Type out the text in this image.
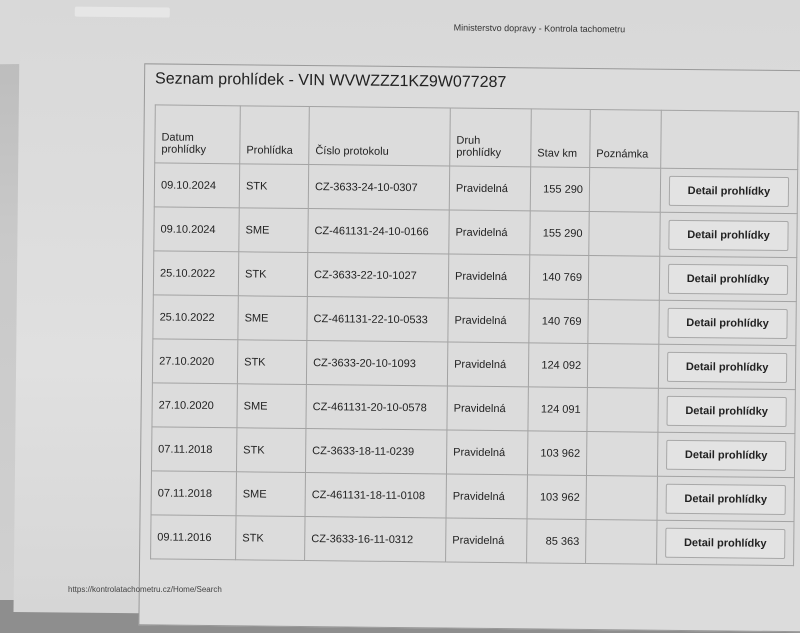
Ministerstvo dopravy - Kontrola tachometru
Seznam prohlídek - VIN WVWZZZ1KZ9W077287
Datum prohlídky	Prohlídka	Číslo protokolu	Druh prohlídky	Stav km	Poznámka	
09.10.2024	STK	CZ-3633-24-10-0307	Pravidelná	155 290		Detail prohlídky
09.10.2024	SME	CZ-461131-24-10-0166	Pravidelná	155 290		Detail prohlídky
25.10.2022	STK	CZ-3633-22-10-1027	Pravidelná	140 769		Detail prohlídky
25.10.2022	SME	CZ-461131-22-10-0533	Pravidelná	140 769		Detail prohlídky
27.10.2020	STK	CZ-3633-20-10-1093	Pravidelná	124 092		Detail prohlídky
27.10.2020	SME	CZ-461131-20-10-0578	Pravidelná	124 091		Detail prohlídky
07.11.2018	STK	CZ-3633-18-11-0239	Pravidelná	103 962		Detail prohlídky
07.11.2018	SME	CZ-461131-18-11-0108	Pravidelná	103 962		Detail prohlídky
09.11.2016	STK	CZ-3633-16-11-0312	Pravidelná	85 363		Detail prohlídky
https://kontrolatachometru.cz/Home/Search
